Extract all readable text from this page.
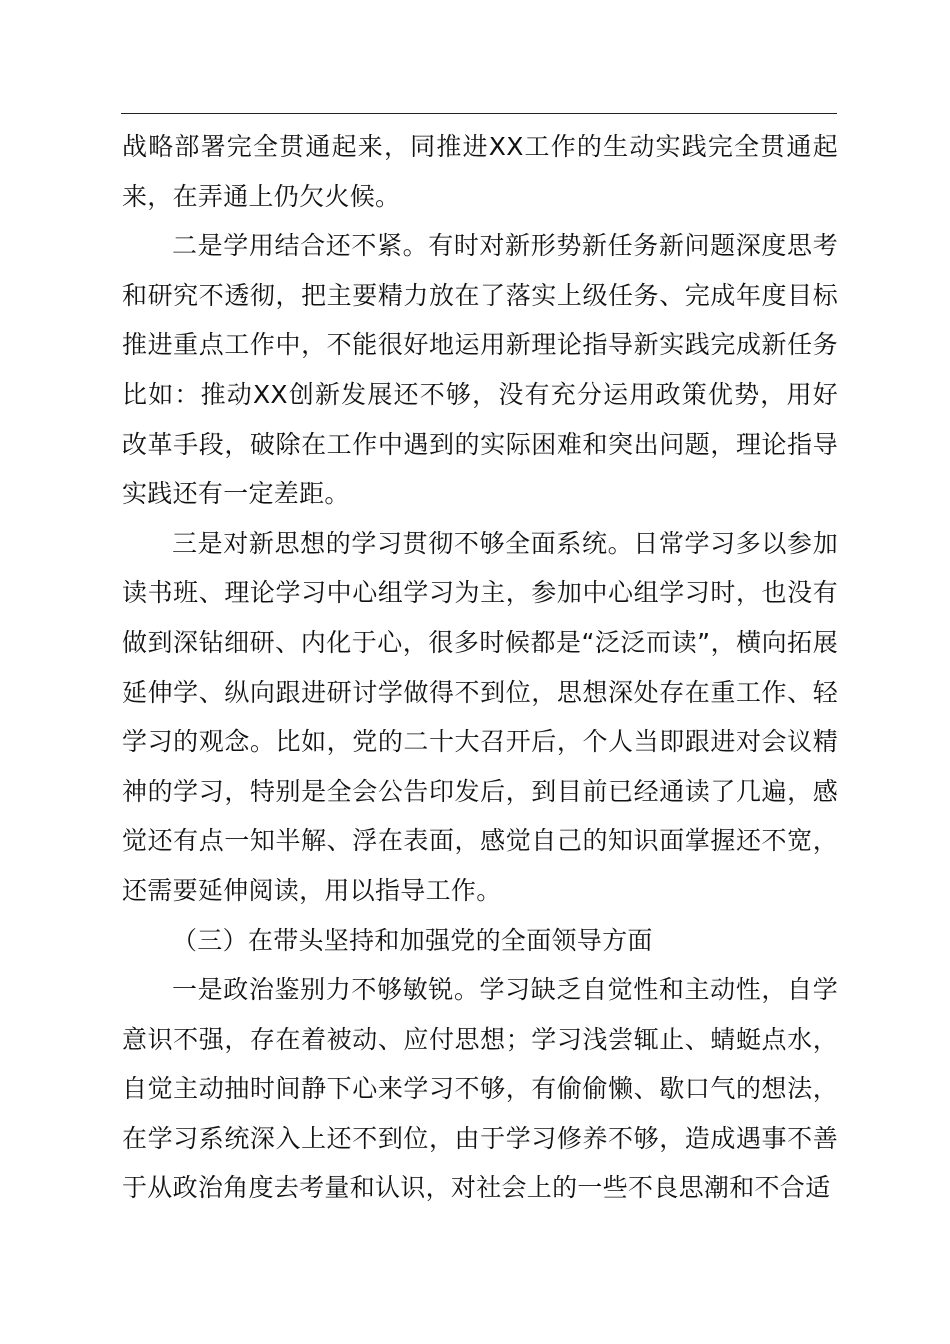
战略部署完全贯通起来，同推进XX工作的生动实践完全贯通起来，在弄通上仍欠火候。

二是学用结合还不紧。有时对新形势新任务新问题深度思考和研究不透彻，把主要精力放在了落实上级任务、完成年度目标推进重点工作中，不能很好地运用新理论指导新实践完成新任务比如：推动XX创新发展还不够，没有充分运用政策优势，用好改革手段，破除在工作中遇到的实际困难和突出问题，理论指导实践还有一定差距。

三是对新思想的学习贯彻不够全面系统。日常学习多以参加读书班、理论学习中心组学习为主，参加中心组学习时，也没有做到深钻细研、内化于心，很多时候都是“泛泛而读”，横向拓展延伸学、纵向跟进研讨学做得不到位，思想深处存在重工作、轻学习的观念。比如，党的二十大召开后，个人当即跟进对会议精神的学习，特别是全会公告印发后，到目前已经通读了几遍，感觉还有点一知半解、浮在表面，感觉自己的知识面掌握还不宽，还需要延伸阅读，用以指导工作。

（三）在带头坚持和加强党的全面领导方面

一是政治鉴别力不够敏锐。学习缺乏自觉性和主动性，自学意识不强，存在着被动、应付思想；学习浅尝辄止、蜻蜓点水，自觉主动抽时间静下心来学习不够，有偷偷懒、歇口气的想法，在学习系统深入上还不到位，由于学习修养不够，造成遇事不善于从政治角度去考量和认识，对社会上的一些不良思潮和不合适
